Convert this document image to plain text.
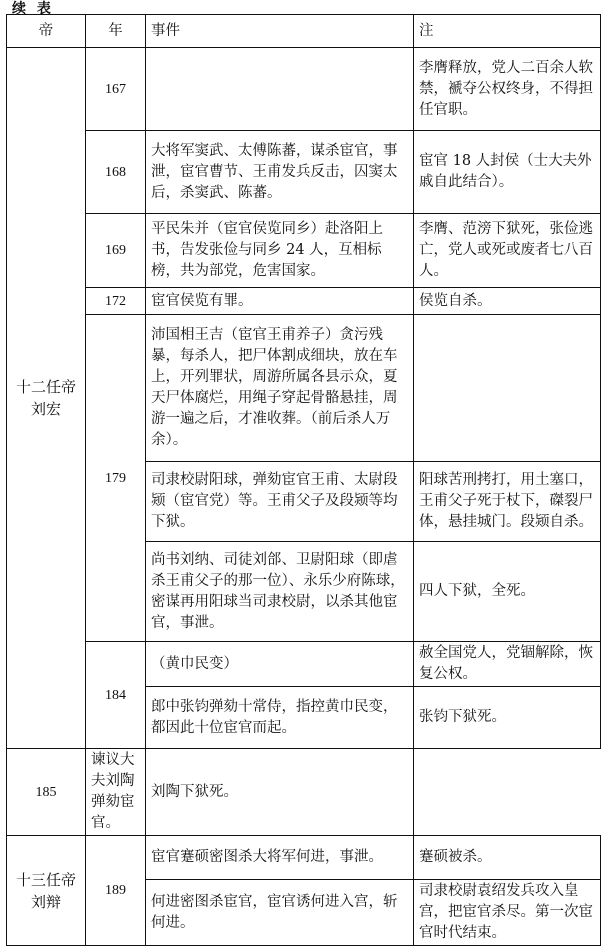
续 表
帝	年	事件	注

十二任帝
刘宏	167		李膺释放，党人二百余人软禁，褫夺公权终身，不得担任官职。
	168	大将军窦武、太傅陈蕃，谋杀宦官，事泄，宦官曹节、王甫发兵反击，囚窦太后，杀窦武、陈蕃。	宦官 18 人封侯（士大夫外戚自此结合）。
	169	平民朱并（宦官侯览同乡）赴洛阳上书，告发张俭与同乡 24 人，互相标榜，共为部党，危害国家。	李膺、范滂下狱死，张俭逃亡，党人或死或废者七八百人。
	172	宦官侯览有罪。	侯览自杀。
	179	沛国相王吉（宦官王甫养子）贪污残暴，每杀人，把尸体割成细块，放在车上，开列罪状，周游所属各县示众，夏天尸体腐烂，用绳子穿起骨骼悬挂，周游一遍之后，才准收葬。（前后杀人万余）。	
		司隶校尉阳球，弹劾宦官王甫、太尉段颎（宦官党）等。王甫父子及段颎等均下狱。	阳球苦刑拷打，用土塞口，王甫父子死于杖下，磔裂尸体，悬挂城门。段颎自杀。
		尚书刘纳、司徒刘郃、卫尉阳球（即虐杀王甫父子的那一位）、永乐少府陈球，密谋再用阳球当司隶校尉，以杀其他宦官，事泄。	四人下狱，全死。
	184	（黄巾民变）	赦全国党人，党锢解除，恢复公权。
		郎中张钧弹劾十常侍，指控黄巾民变，都因此十位宦官而起。	张钧下狱死。
185	谏议大夫刘陶弹劾宦官。	刘陶下狱死。	

十三任帝
刘辩	189	宦官蹇硕密图杀大将军何进，事泄。	蹇硕被杀。
		何进密图杀宦官，宦官诱何进入宫，斩何进。	司隶校尉袁绍发兵攻入皇宫，把宦官杀尽。第一次宦官时代结束。
